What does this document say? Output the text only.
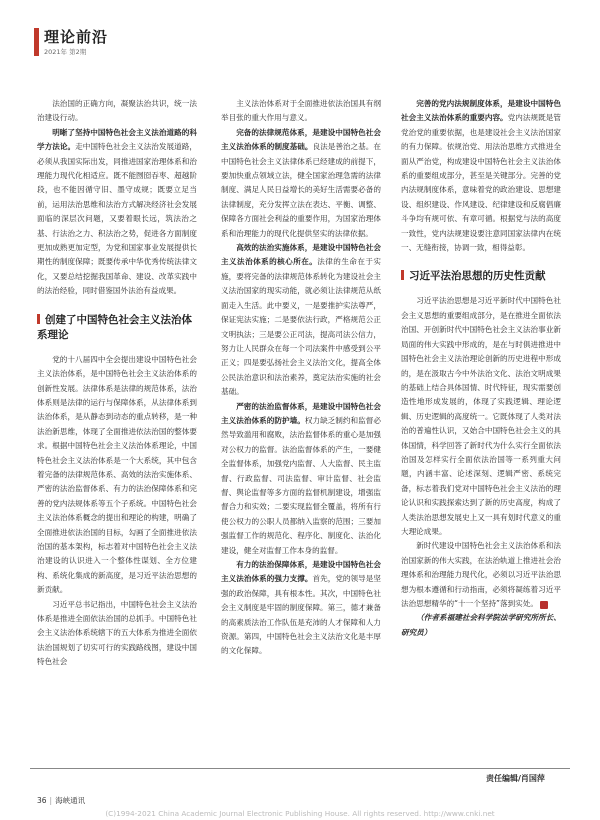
理论前沿
2021年 第2期

法治国的正确方向，凝聚法治共识，统一法治建设行动。

明晰了坚持中国特色社会主义法治道路的科学方法论。走中国特色社会主义法治发展道路，必须从我国实际出发，同推进国家治理体系和治理能力现代化相适应。既不能囫囵吞枣、超越阶段，也不能因循守旧、墨守成规；既要立足当前，运用法治思维和法治方式解决经济社会发展面临的深层次问题，又要着眼长远，筑法治之基、行法治之力、积法治之势，促进各方面制度更加成熟更加定型，为党和国家事业发展提供长期性的制度保障；既要传承中华优秀传统法律文化，又要总结挖掘我国革命、建设、改革实践中的法治经验，同时借鉴国外法治有益成果。

创建了中国特色社会主义法治体系理论

党的十八届四中全会提出建设中国特色社会主义法治体系，是中国特色社会主义法治体系的创新性发展。法律体系是法律的规范体系，法治体系则是法律的运行与保障体系，从法律体系到法治体系，是从静态到动态的重点转移，是一种法治新思维，体现了全面推进依法治国的整体要求。根据中国特色社会主义法治体系理论，中国特色社会主义法治体系是一个大系统，其中包含着完备的法律规范体系、高效的法治实施体系、严密的法治监督体系、有力的法治保障体系和完善的党内法规体系等五个子系统。中国特色社会主义法治体系概念的提出和理论的构建，明确了全面推进依法治国的目标，勾画了全面推进依法治国的基本架构，标志着对中国特色社会主义法治建设的认识进入一个整体性谋划、全方位建构、系统化集成的新高度，是习近平法治思想的新贡献。

习近平总书记指出，中国特色社会主义法治体系是推进全面依法治国的总抓手。中国特色社会主义法治体系统辖下的五大体系为推进全面依法治国规划了切实可行的实践路线图，建设中国特色社会

主义法治体系对于全面推进依法治国具有纲举目张的重大作用与意义。

完备的法律规范体系，是建设中国特色社会主义法治体系的制度基础。良法是善治之基。在中国特色社会主义法律体系已经建成的前提下，要加快重点领域立法，健全国家治理急需的法律制度、满足人民日益增长的美好生活需要必备的法律制度，充分发挥立法在表达、平衡、调整、保障各方面社会利益的重要作用，为国家治理体系和治理能力的现代化提供坚实的法律依据。

高效的法治实施体系，是建设中国特色社会主义法治体系的核心所在。法律的生命在于实施，要将完备的法律规范体系转化为建设社会主义法治国家的现实动能，就必须让法律规范从纸面走入生活。此中要义，一是要推护实法尊严，保证宪法实施；二是要依法行政，严格规范公正文明执法；三是要公正司法，提高司法公信力，努力让人民群众在每一个司法案件中感受到公平正义；四是要弘扬社会主义法治文化，提高全体公民法治意识和法治素养，奠定法治实施的社会基础。

严密的法治监督体系，是建设中国特色社会主义法治体系的防护墙。权力缺乏制约和监督必然导致滥用和腐败，法治监督体系的重心是加强对公权力的监督。法治监督体系的产生，一要健全监督体系，加强党内监督、人大监督、民主监督、行政监督、司法监督、审计监督、社会监督、舆论监督等多方面的监督机制建设，增强监督合力和实效；二要实现监督全覆盖，将所有行使公权力的公职人员都纳入监察的范围；三要加强监督工作的规范化、程序化、制度化、法治化建设，健全对监督工作本身的监督。

有力的法治保障体系，是建设中国特色社会主义法治体系的强力支撑。首先，党的领导是坚强的政治保障，具有根本性。其次，中国特色社会主义制度是牢固的制度保障。第三，德才兼备的高素质法治工作队伍是充沛的人才保障和人力资源。第四，中国特色社会主义法治文化是丰厚的文化保障。

完善的党内法规制度体系，是建设中国特色社会主义法治体系的重要内容。党内法规既是管党治党的重要依据，也是建设社会主义法治国家的有力保障。依规治党、用法治思维方式推进全面从严治党，构成建设中国特色社会主义法治体系的重要组成部分，甚至是关键部分。完善的党内法规制度体系，意味着党的政治建设、思想建设、组织建设、作风建设、纪律建设和反腐倡廉斗争均有规可依、有章可循。根据党与法的高度一致性，党内法规建设要注意同国家法律内在统一、无缝衔接，协调一致，相得益彰。

习近平法治思想的历史性贡献

习近平法治思想是习近平新时代中国特色社会主义思想的重要组成部分，是在推进全面依法治国、开创新时代中国特色社会主义法治事业新局面的伟大实践中形成的，是在与时俱进推进中国特色社会主义法治理论创新的历史进程中形成的，是在汲取古今中外法治文化、法治文明成果的基础上结合具体国情、时代特征，现实需要创造性地形成发展的，体现了实践逻辑、理论逻辑、历史逻辑的高度统一。它既体现了人类对法治的普遍性认识，又始合中国特色社会主义的具体国情，科学回答了新时代为什么实行全面依法治国及怎样实行全面依法治国等一系列重大问题，内涵丰富、论述深刻、逻辑严密、系统完备，标志着我们党对中国特色社会主义法治的理论认识和实践探索达到了新的历史高度，构成了人类法治思想发展史上又一具有划时代意义的重大理论成果。

新时代建设中国特色社会主义法治体系和法治国家新的伟大实践，在法治轨道上推进社会治理体系和治理能力现代化，必须以习近平法治思想为根本遵循和行动指南，必须将凝练着习近平法治思想精华的“十一个坚持”落到实处。	■

（作者系福建社会科学院法学研究所所长、研究员）

责任编辑/肖国萍
36 | 海峡通讯
(C)1994-2021 China Academic Journal Electronic Publishing House. All rights reserved. http://www.cnki.net
